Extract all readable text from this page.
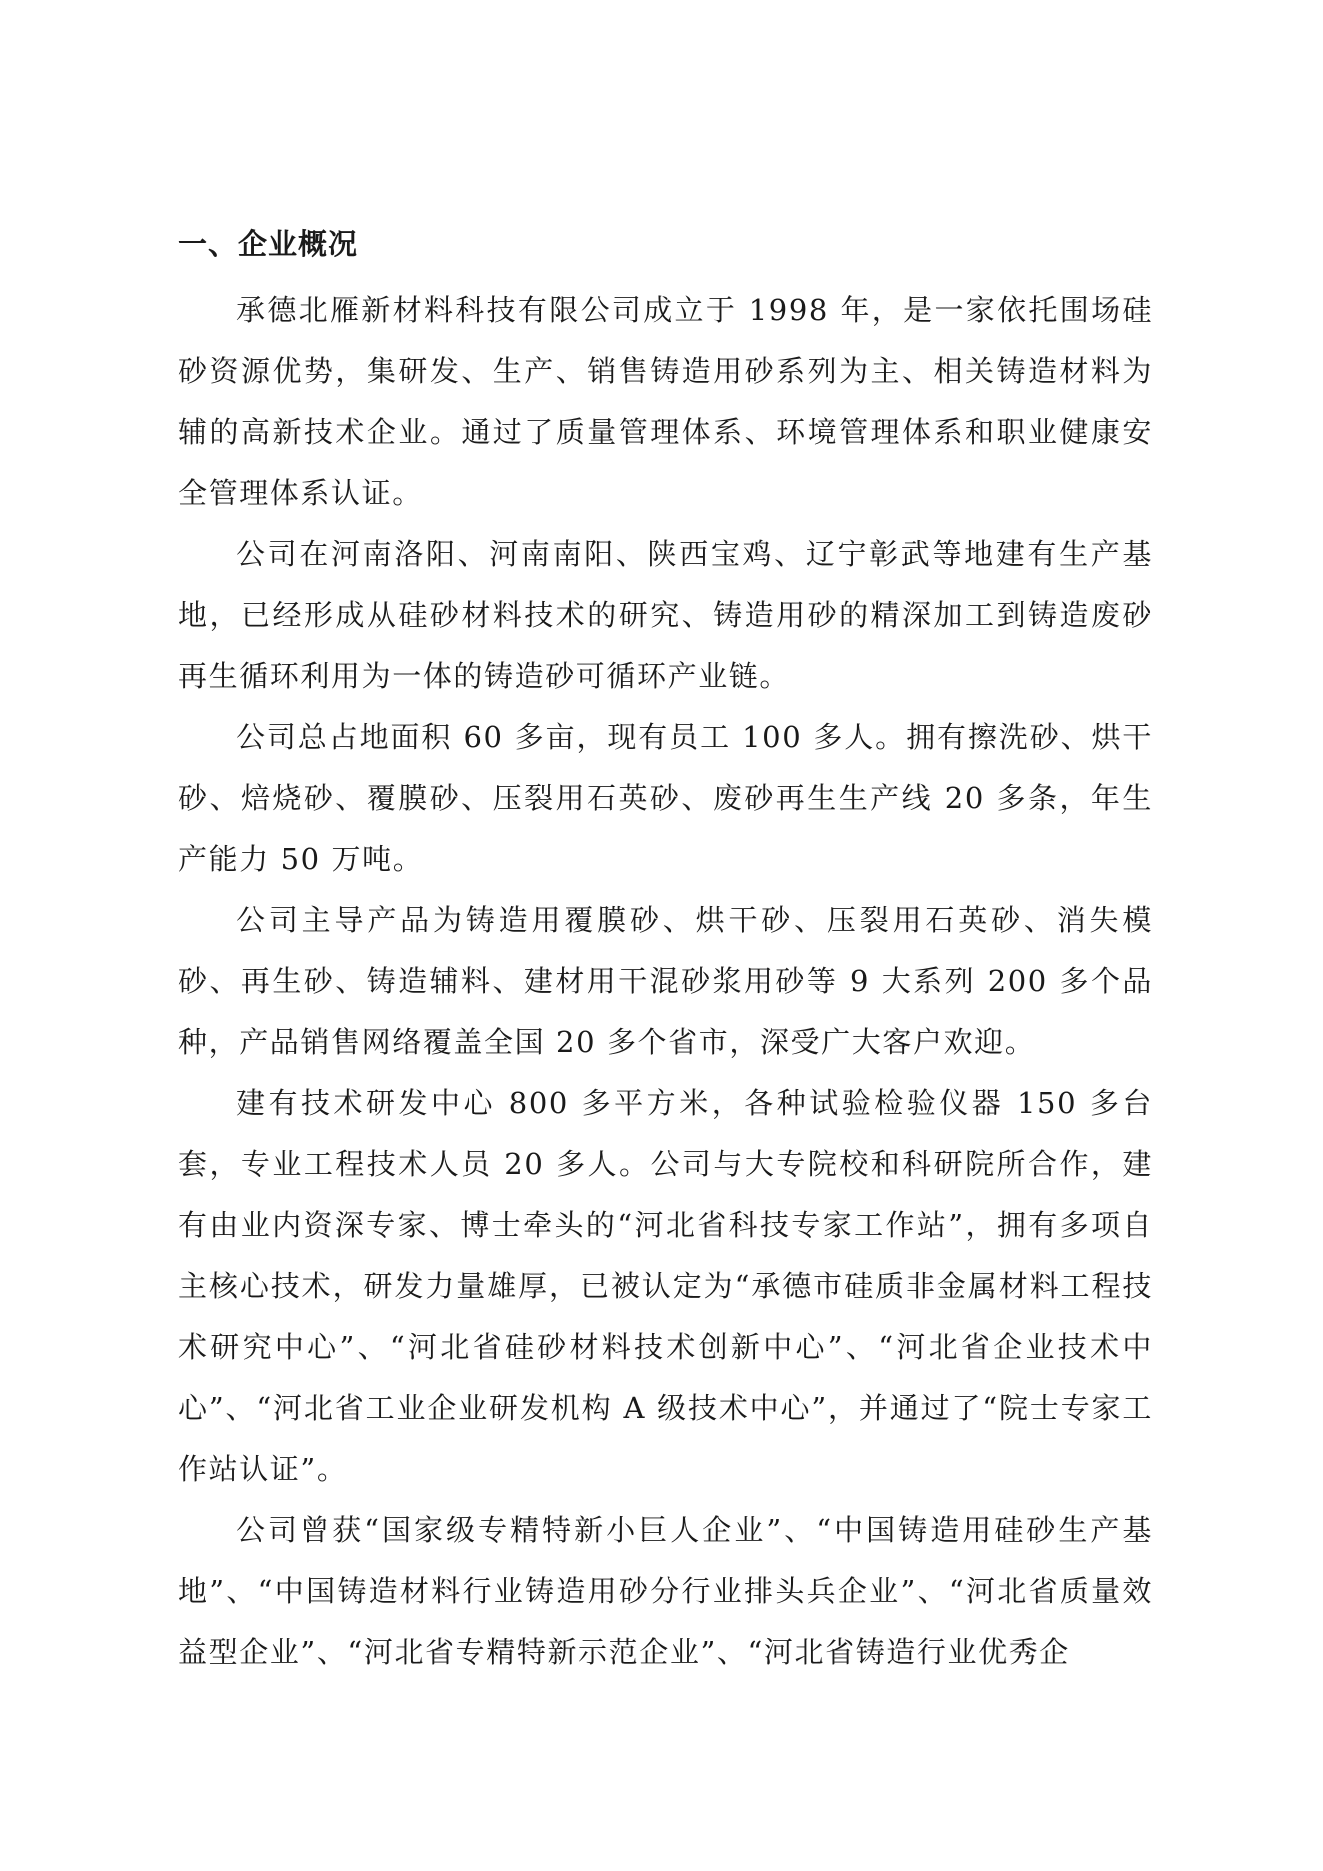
一、企业概况

承德北雁新材料科技有限公司成立于 1998 年，是一家依托围场硅砂资源优势，集研发、生产、销售铸造用砂系列为主、相关铸造材料为辅的高新技术企业。通过了质量管理体系、环境管理体系和职业健康安全管理体系认证。

公司在河南洛阳、河南南阳、陕西宝鸡、辽宁彰武等地建有生产基地，已经形成从硅砂材料技术的研究、铸造用砂的精深加工到铸造废砂再生循环利用为一体的铸造砂可循环产业链。

公司总占地面积 60 多亩，现有员工 100 多人。拥有擦洗砂、烘干砂、焙烧砂、覆膜砂、压裂用石英砂、废砂再生生产线 20 多条，年生产能力 50 万吨。

公司主导产品为铸造用覆膜砂、烘干砂、压裂用石英砂、消失模砂、再生砂、铸造辅料、建材用干混砂浆用砂等 9 大系列 200 多个品种，产品销售网络覆盖全国 20 多个省市，深受广大客户欢迎。

建有技术研发中心 800 多平方米，各种试验检验仪器 150 多台套，专业工程技术人员 20 多人。公司与大专院校和科研院所合作，建有由业内资深专家、博士牵头的“河北省科技专家工作站”，拥有多项自主核心技术，研发力量雄厚，已被认定为“承德市硅质非金属材料工程技术研究中心”、“河北省硅砂材料技术创新中心”、“河北省企业技术中心”、“河北省工业企业研发机构 A 级技术中心”，并通过了“院士专家工作站认证”。

公司曾获“国家级专精特新小巨人企业”、“中国铸造用硅砂生产基地”、“中国铸造材料行业铸造用砂分行业排头兵企业”、“河北省质量效益型企业”、“河北省专精特新示范企业”、“河北省铸造行业优秀企
